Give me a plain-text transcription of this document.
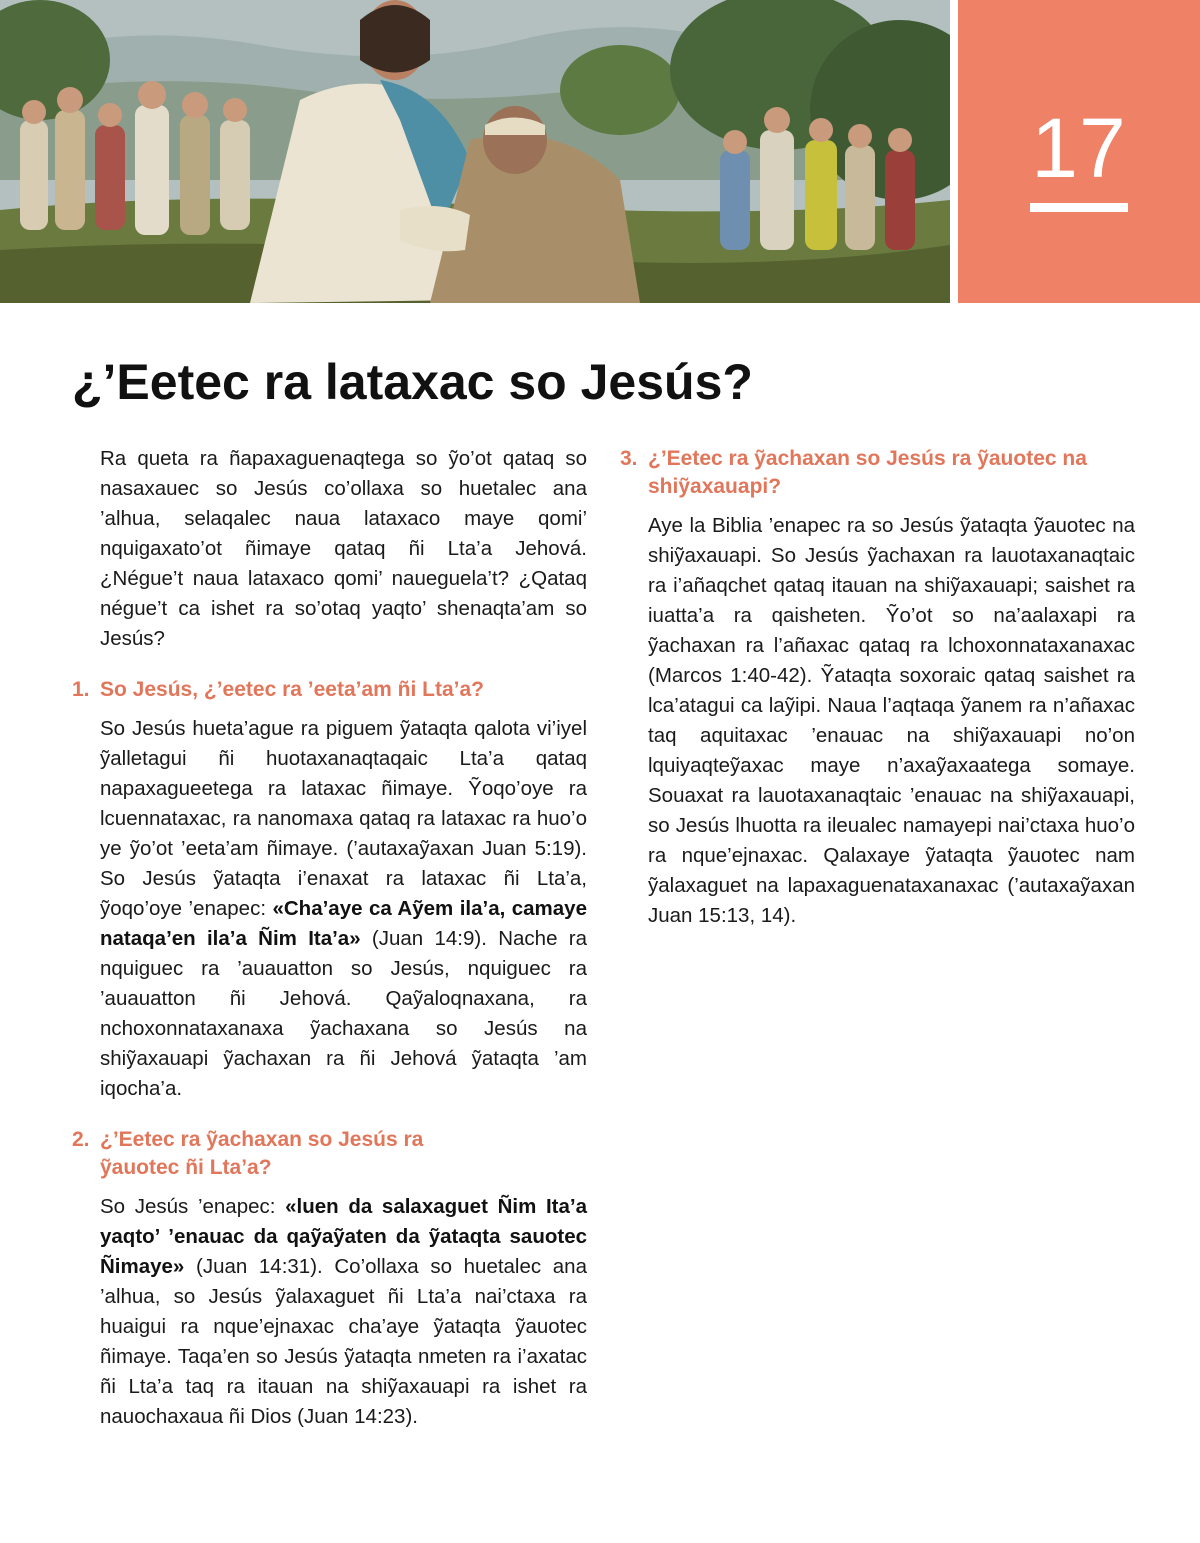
17
¿’Eetec ra lataxac so Jesús?

Ra queta ra ñapaxaguenaqtega so ỹo’ot qataq so nasaxauec so Jesús co’ollaxa so huetalec ana ’alhua, selaqalec naua lataxaco maye qomi’ nquigaxato’ot ñimaye qataq ñi Lta’a Jehová. ¿Négue’t naua lataxaco qomi’ naueguela’t? ¿Qataq négue’t ca ishet ra so’otaq yaqto’ shenaqta’am so Jesús?

1. So Jesús, ¿’eetec ra ’eeta’am ñi Lta’a?

So Jesús hueta’ague ra piguem ỹataqta qalota vi’iyel ỹalletagui ñi huotaxanaqtaqaic Lta’a qataq napaxagueetega ra lataxac ñimaye. Ỹoqo’oye ra lcuennataxac, ra nanomaxa qataq ra lataxac ra huo’o ye ỹo’ot ’eeta’am ñimaye. (’autaxaỹaxan Juan 5:19). So Jesús ỹataqta i’enaxat ra lataxac ñi Lta’a, ỹoqo’oye ’enapec: «Cha’aye ca Aỹem ila’a, camaye nataqa’en ila’a Ñim Ita’a» (Juan 14:9). Nache ra nquiguec ra ’auauatton so Jesús, nquiguec ra ’auauatton ñi Jehová. Qaỹaloqnaxana, ra nchoxonnataxanaxa ỹachaxana so Jesús na shiỹaxauapi ỹachaxan ra ñi Jehová ỹataqta ’am iqocha’a.

2. ¿’Eetec ra ỹachaxan so Jesús ra ỹauotec ñi Lta’a?

So Jesús ’enapec: «luen da salaxaguet Ñim Ita’a yaqto’ ’enauac da qaỹaỹaten da ỹataqta sauotec Ñimaye» (Juan 14:31). Co’ollaxa so huetalec ana ’alhua, so Jesús ỹalaxaguet ñi Lta’a nai’ctaxa ra huaigui ra nque’ejnaxac cha’aye ỹataqta ỹauotec ñimaye. Taqa’en so Jesús ỹataqta nmeten ra i’axatac ñi Lta’a taq ra itauan na shiỹaxauapi ra ishet ra nauochaxaua ñi Dios (Juan 14:23).

3. ¿’Eetec ra ỹachaxan so Jesús ra ỹauotec na shiỹaxauapi?

Aye la Biblia ’enapec ra so Jesús ỹataqta ỹauotec na shiỹaxauapi. So Jesús ỹachaxan ra lauotaxanaqtaic ra i’añaqchet qataq itauan na shiỹaxauapi; saishet ra iuatta’a ra qaisheten. Ỹo’ot so na’aalaxapi ra ỹachaxan ra l’añaxac qataq ra lchoxonnataxanaxac (Marcos 1:40-42). Ỹataqta soxoraic qataq saishet ra lca’atagui ca laỹipi. Naua l’aqtaqa ỹanem ra n’añaxac taq aquitaxac ’enauac na shiỹaxauapi no’on lquiyaqteỹaxac maye n’axaỹaxaatega somaye. Souaxat ra lauotaxanaqtaic ’enauac na shiỹaxauapi, so Jesús lhuotta ra ileualec namayepi nai’ctaxa huo’o ra nque’ejnaxac. Qalaxaye ỹataqta ỹauotec nam ỹalaxaguet na lapaxaguenataxanaxac (’autaxaỹaxan Juan 15:13, 14).
